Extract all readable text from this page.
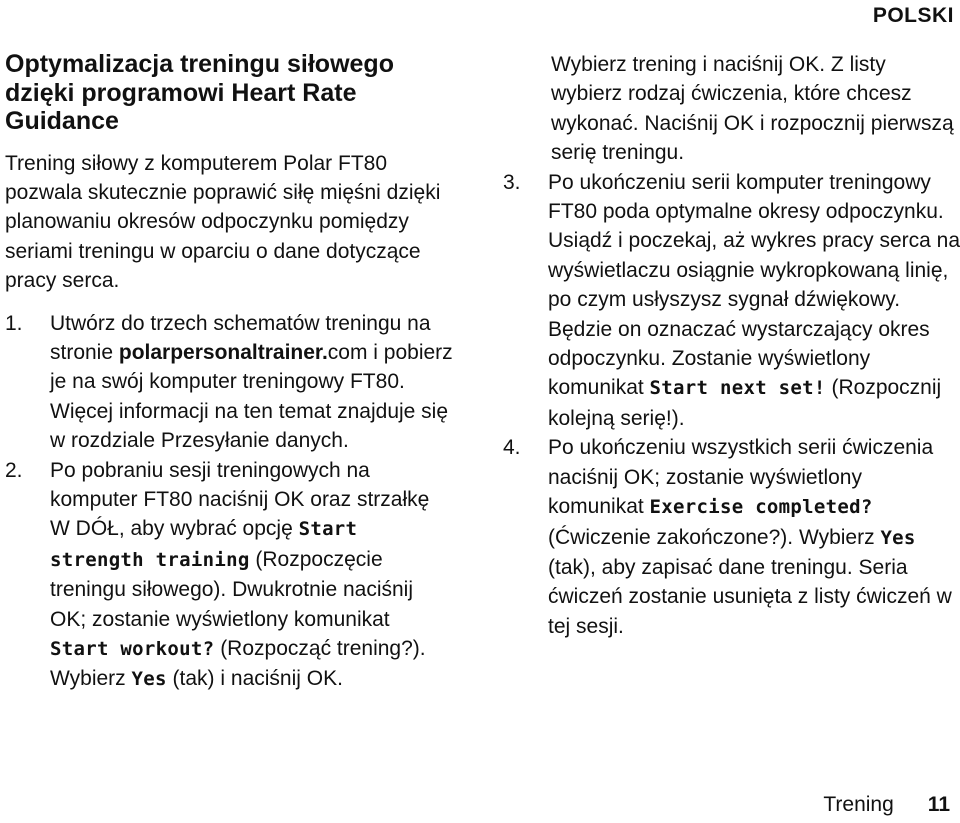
POLSKI
Optymalizacja treningu siłowego dzięki programowi Heart Rate Guidance

Trening siłowy z komputerem Polar FT80 pozwala skutecznie poprawić siłę mięśni dzięki planowaniu okresów odpoczynku pomiędzy seriami treningu w oparciu o dane dotyczące pracy serca.

1.	Utwórz do trzech schematów treningu na stronie polarpersonaltrainer.com i pobierz je na swój komputer treningowy FT80. Więcej informacji na ten temat znajduje się w rozdziale Przesyłanie danych.
2.	Po pobraniu sesji treningowych na komputer FT80 naciśnij OK oraz strzałkę W DÓŁ, aby wybrać opcję Start strength training (Rozpoczęcie treningu siłowego). Dwukrotnie naciśnij OK; zostanie wyświetlony komunikat Start workout? (Rozpocząć trening?). Wybierz Yes (tak) i naciśnij OK.

Wybierz trening i naciśnij OK. Z listy wybierz rodzaj ćwiczenia, które chcesz wykonać. Naciśnij OK i rozpocznij pierwszą serię treningu.

3.	Po ukończeniu serii komputer treningowy FT80 poda optymalne okresy odpoczynku. Usiądź i poczekaj, aż wykres pracy serca na wyświetlaczu osiągnie wykropkowaną linię, po czym usłyszysz sygnał dźwiękowy. Będzie on oznaczać wystarczający okres odpoczynku. Zostanie wyświetlony komunikat Start next set! (Rozpocznij kolejną serię!).
4.	Po ukończeniu wszystkich serii ćwiczenia naciśnij OK; zostanie wyświetlony komunikat Exercise completed? (Ćwiczenie zakończone?). Wybierz Yes (tak), aby zapisać dane treningu. Seria ćwiczeń zostanie usunięta z listy ćwiczeń w tej sesji.
Trening 11
